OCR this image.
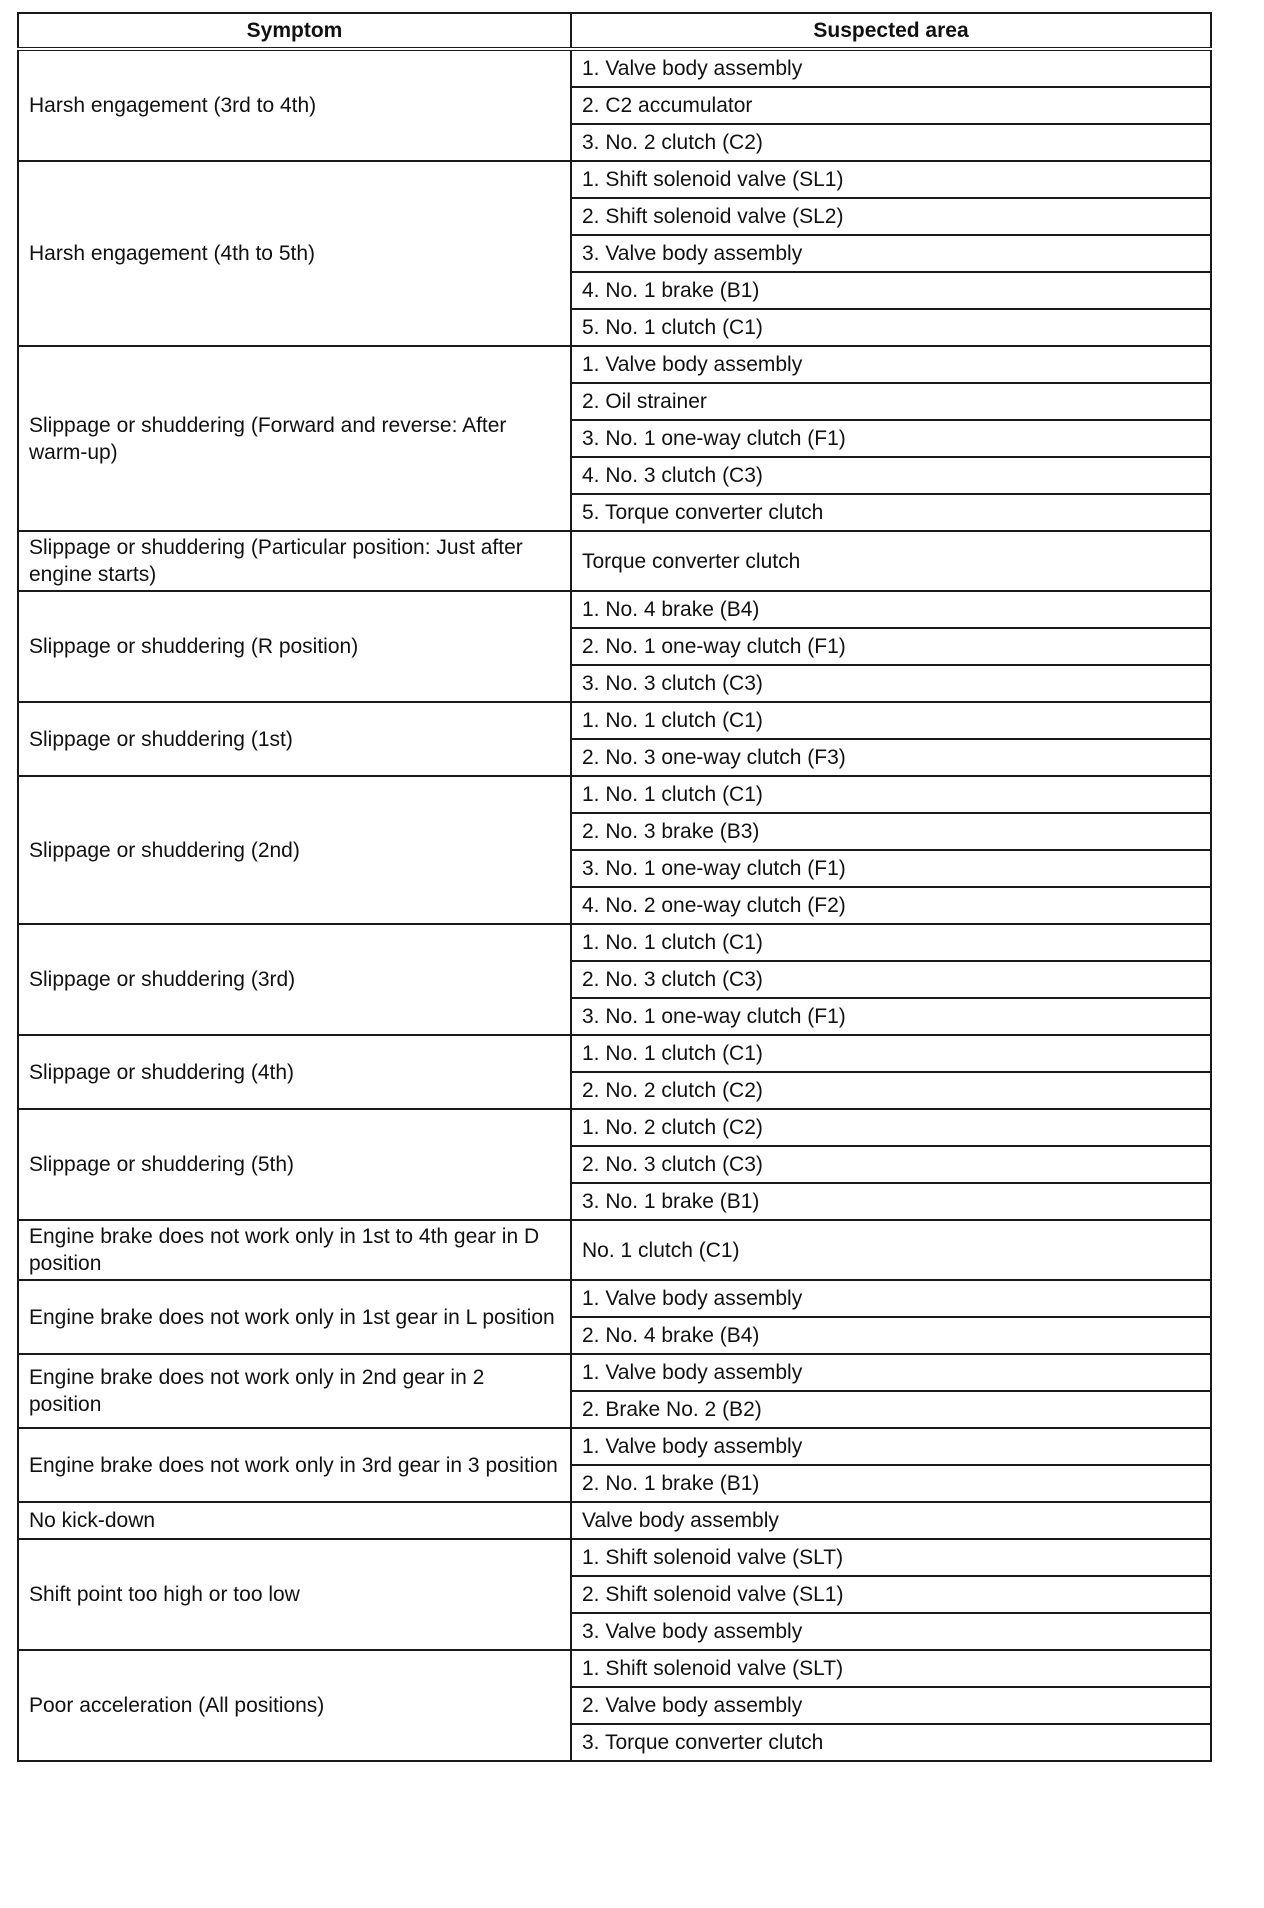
Symptom	Suspected area
Harsh engagement (3rd to 4th)	1. Valve body assembly
	2. C2 accumulator
	3. No. 2 clutch (C2)
Harsh engagement (4th to 5th)	1. Shift solenoid valve (SL1)
	2. Shift solenoid valve (SL2)
	3. Valve body assembly
	4. No. 1 brake (B1)
	5. No. 1 clutch (C1)
Slippage or shuddering (Forward and reverse: After warm-up)	1. Valve body assembly
	2. Oil strainer
	3. No. 1 one-way clutch (F1)
	4. No. 3 clutch (C3)
	5. Torque converter clutch
Slippage or shuddering (Particular position: Just after engine starts)	Torque converter clutch
Slippage or shuddering (R position)	1. No. 4 brake (B4)
	2. No. 1 one-way clutch (F1)
	3. No. 3 clutch (C3)
Slippage or shuddering (1st)	1. No. 1 clutch (C1)
	2. No. 3 one-way clutch (F3)
Slippage or shuddering (2nd)	1. No. 1 clutch (C1)
	2. No. 3 brake (B3)
	3. No. 1 one-way clutch (F1)
	4. No. 2 one-way clutch (F2)
Slippage or shuddering (3rd)	1. No. 1 clutch (C1)
	2. No. 3 clutch (C3)
	3. No. 1 one-way clutch (F1)
Slippage or shuddering (4th)	1. No. 1 clutch (C1)
	2. No. 2 clutch (C2)
Slippage or shuddering (5th)	1. No. 2 clutch (C2)
	2. No. 3 clutch (C3)
	3. No. 1 brake (B1)
Engine brake does not work only in 1st to 4th gear in D position	No. 1 clutch (C1)
Engine brake does not work only in 1st gear in L position	1. Valve body assembly
	2. No. 4 brake (B4)
Engine brake does not work only in 2nd gear in 2 position	1. Valve body assembly
	2. Brake No. 2 (B2)
Engine brake does not work only in 3rd gear in 3 position	1. Valve body assembly
	2. No. 1 brake (B1)
No kick-down	Valve body assembly
Shift point too high or too low	1. Shift solenoid valve (SLT)
	2. Shift solenoid valve (SL1)
	3. Valve body assembly
Poor acceleration (All positions)	1. Shift solenoid valve (SLT)
	2. Valve body assembly
	3. Torque converter clutch
